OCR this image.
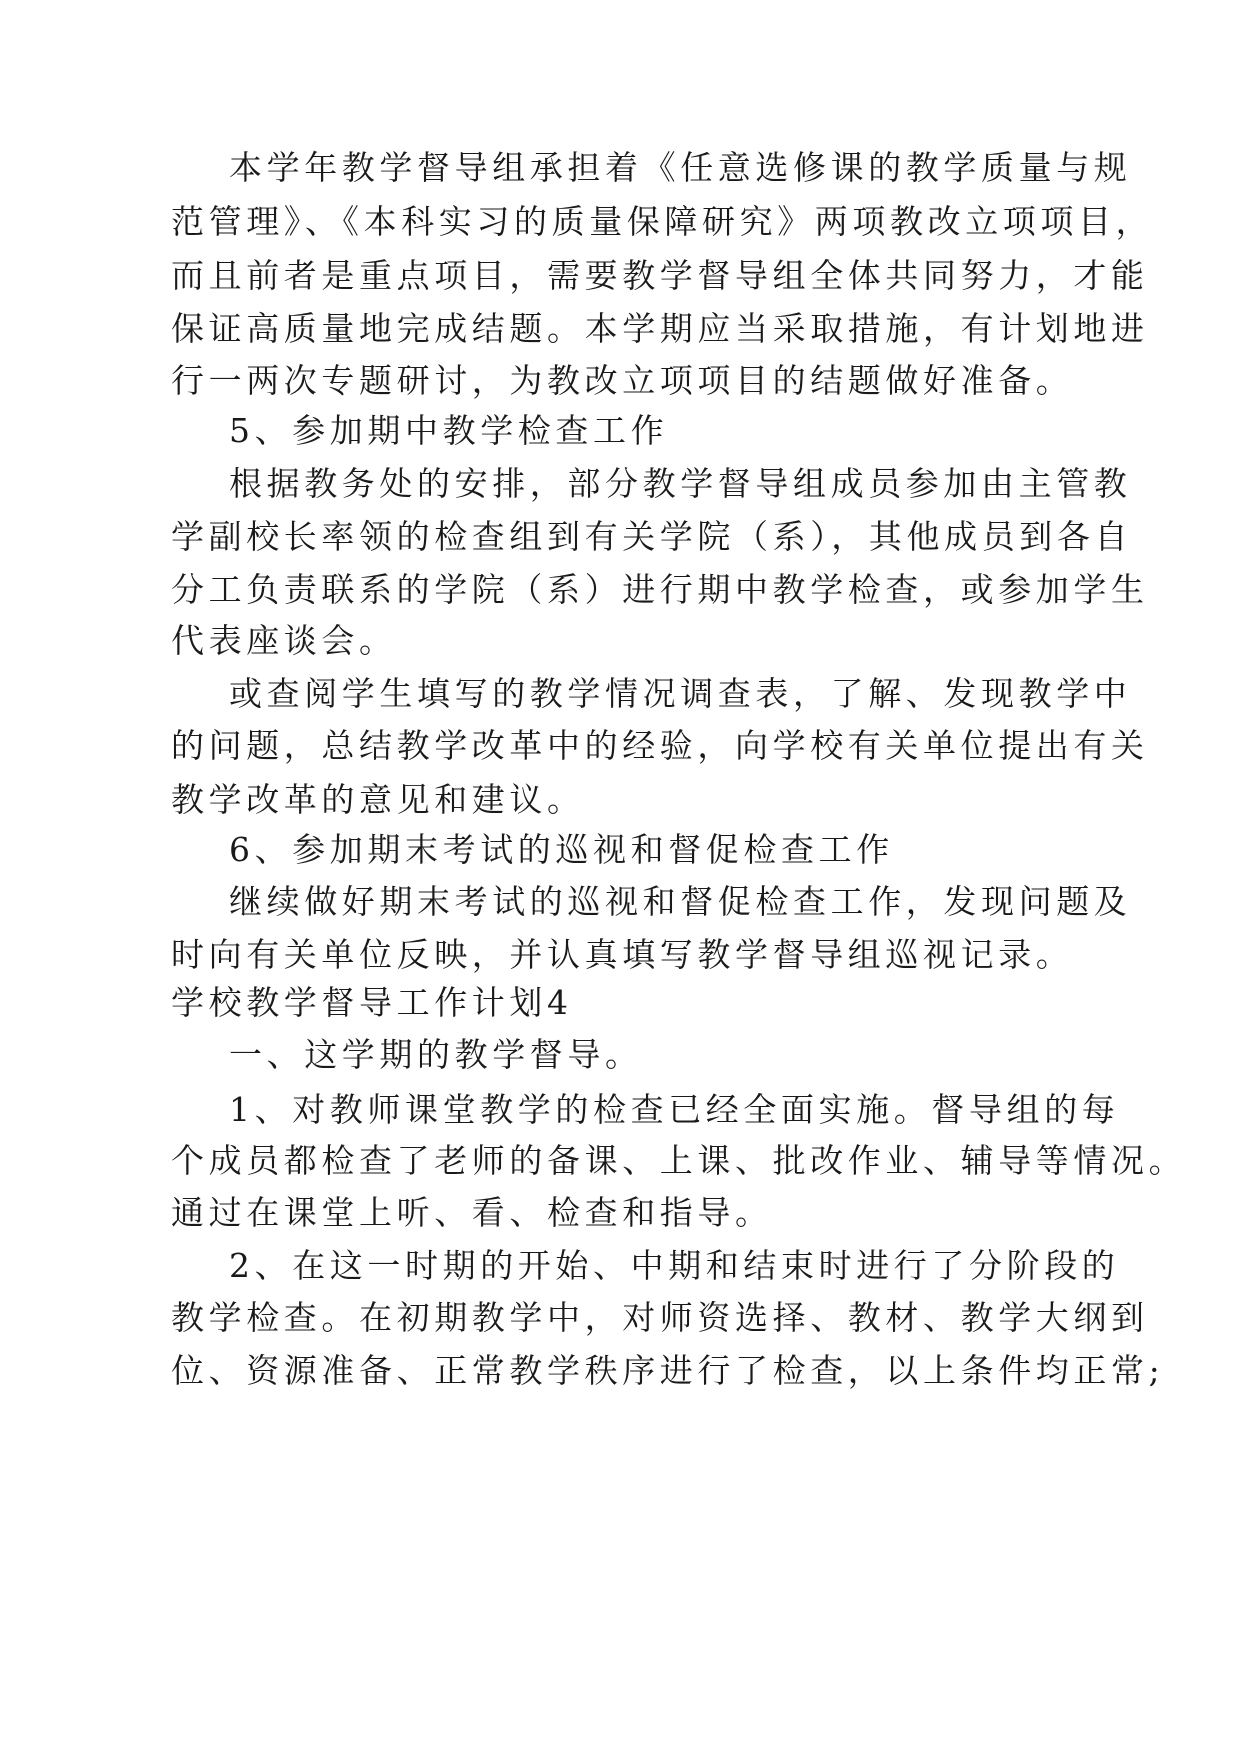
本学年教学督导组承担着《任意选修课的教学质量与规
范管理》、《本科实习的质量保障研究》两项教改立项项目，
而且前者是重点项目，需要教学督导组全体共同努力，才能
保证高质量地完成结题。本学期应当采取措施，有计划地进
行一两次专题研讨，为教改立项项目的结题做好准备。
5、参加期中教学检查工作
根据教务处的安排，部分教学督导组成员参加由主管教
学副校长率领的检查组到有关学院（系），其他成员到各自
分工负责联系的学院（系）进行期中教学检查，或参加学生
代表座谈会。
或查阅学生填写的教学情况调查表，了解、发现教学中
的问题，总结教学改革中的经验，向学校有关单位提出有关
教学改革的意见和建议。
6、参加期末考试的巡视和督促检查工作
继续做好期末考试的巡视和督促检查工作，发现问题及
时向有关单位反映，并认真填写教学督导组巡视记录。
学校教学督导工作计划4
一、这学期的教学督导。
1、对教师课堂教学的检查已经全面实施。督导组的每
个成员都检查了老师的备课、上课、批改作业、辅导等情况。
通过在课堂上听、看、检查和指导。
2、在这一时期的开始、中期和结束时进行了分阶段的
教学检查。在初期教学中，对师资选择、教材、教学大纲到
位、资源准备、正常教学秩序进行了检查，以上条件均正常;
